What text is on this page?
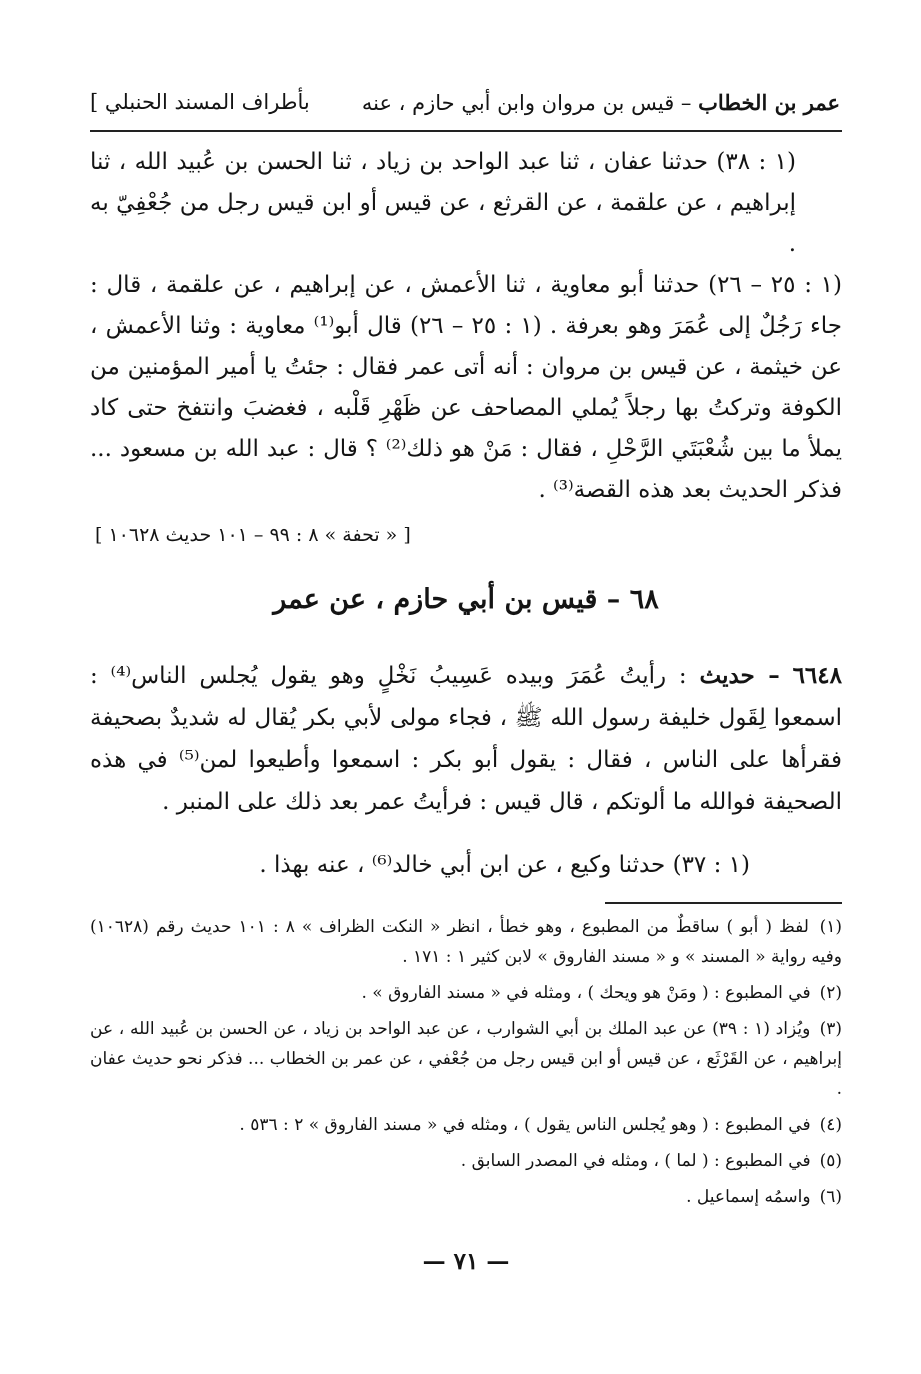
بأطراف المسند الحنبلي ]	عمر بن الخطاب – قيس بن مروان وابن أبي حازم ، عنه

(١ : ٣٨) حدثنا عفان ، ثنا عبد الواحد بن زياد ، ثنا الحسن بن عُبيد الله ، ثنا إبراهيم ، عن علقمة ، عن القرثع ، عن قيس أو ابن قيس رجل من جُعْفِيّ به .

(١ : ٢٥ – ٢٦) حدثنا أبو معاوية ، ثنا الأعمش ، عن إبراهيم ، عن علقمة ، قال : جاء رَجُلٌ إلى عُمَرَ وهو بعرفة . (١ : ٢٥ – ٢٦) قال أبو⁽¹⁾ معاوية : وثنا الأعمش ، عن خيثمة ، عن قيس بن مروان : أنه أتى عمر فقال : جئتُ يا أمير المؤمنين من الكوفة وتركتُ بها رجلاً يُملي المصاحف عن ظَهْرِ قَلْبه ، فغضبَ وانتفخ حتى كاد يملأ ما بين شُعْبَتَي الرَّحْلِ ، فقال : مَنْ هو ذلك⁽²⁾ ؟ قال : عبد الله بن مسعود ... فذكر الحديث بعد هذه القصة⁽³⁾ .

[ « تحفة » ٨ : ٩٩ – ١٠١ حديث ١٠٦٢٨ ]
٦٨ – قيس بن أبي حازم ، عن عمر

٦٦٤٨ – حديث : رأيتُ عُمَرَ وبيده عَسِيبُ نَخْلٍ وهو يقول يُجلس الناس⁽⁴⁾ : اسمعوا لِقَول خليفة رسول الله ﷺ ، فجاء مولى لأبي بكر يُقال له شديدٌ بصحيفة فقرأها على الناس ، فقال : يقول أبو بكر : اسمعوا وأطيعوا لمن⁽⁵⁾ في هذه الصحيفة فوالله ما ألوتكم ، قال قيس : فرأيتُ عمر بعد ذلك على المنبر .

(١ : ٣٧) حدثنا وكيع ، عن ابن أبي خالد⁽⁶⁾ ، عنه بهذا .
(١) لفظ ( أبو ) ساقطٌ من المطبوع ، وهو خطأ ، انظر « النكت الظراف » ٨ : ١٠١ حديث رقم (١٠٦٢٨) وفيه رواية « المسند » و « مسند الفاروق » لابن كثير ١ : ١٧١ .
(٢) في المطبوع : ( ومَنْ هو ويحك ) ، ومثله في « مسند الفاروق » .
(٣) ويُزاد (١ : ٣٩) عن عبد الملك بن أبي الشوارب ، عن عبد الواحد بن زياد ، عن الحسن بن عُبيد الله ، عن إبراهيم ، عن القَرْثَع ، عن قيس أو ابن قيس رجل من جُعْفي ، عن عمر بن الخطاب ... فذكر نحو حديث عفان .
(٤) في المطبوع : ( وهو يُجلس الناس يقول ) ، ومثله في « مسند الفاروق » ٢ : ٥٣٦ .
(٥) في المطبوع : ( لما ) ، ومثله في المصدر السابق .
(٦) واسمُه إسماعيل .
— ٧١ —
